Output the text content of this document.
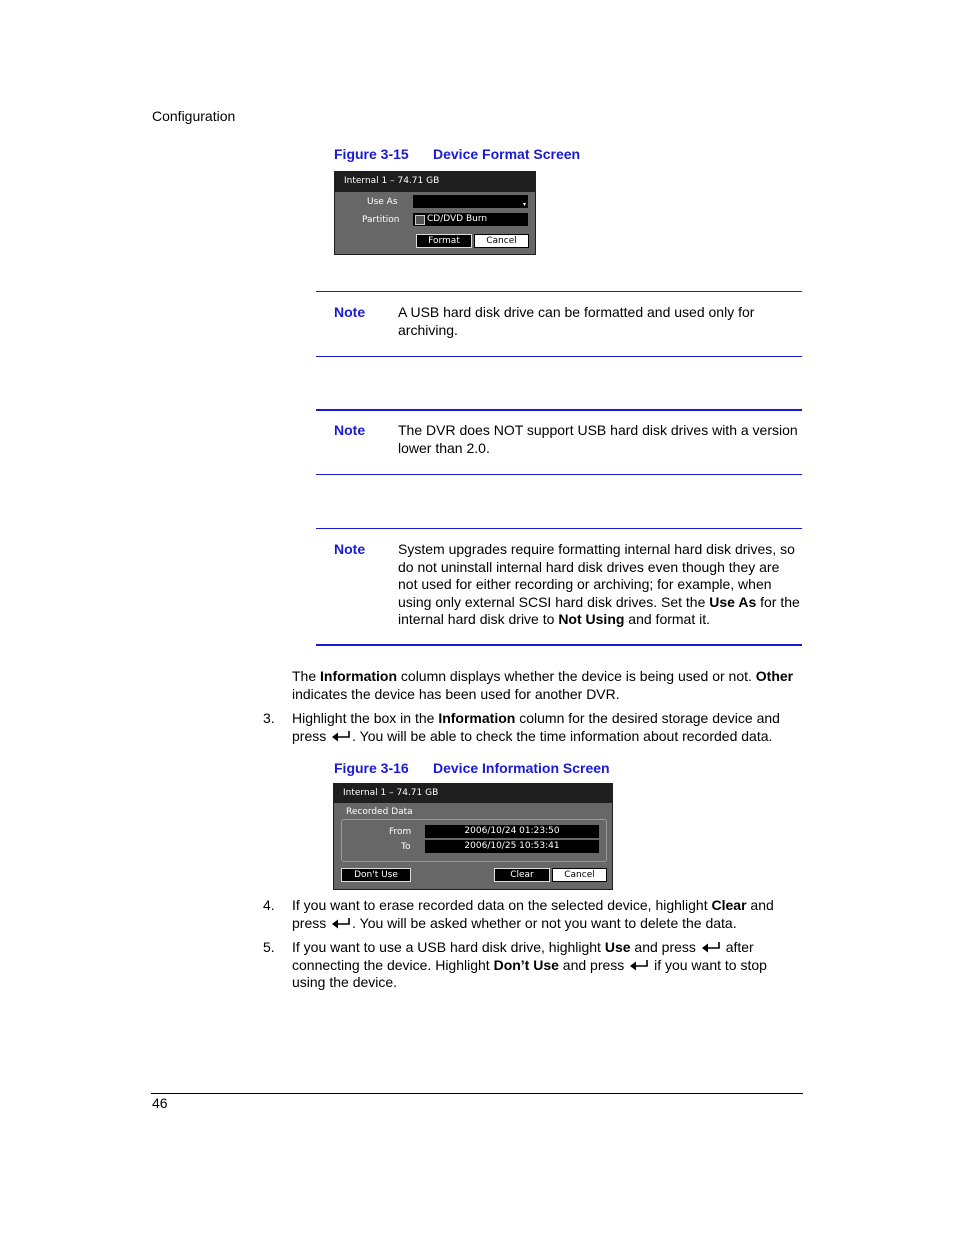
Configuration
Figure 3-15 Device Format Screen
Internal 1 – 74.71 GB
Use As	▾
Partition	CD/DVD Burn
Format	Cancel
Note A USB hard disk drive can be formatted and used only for
archiving.
Note The DVR does NOT support USB hard disk drives with a version
lower than 2.0.
Note System upgrades require formatting internal hard disk drives, so
do not uninstall internal hard disk drives even though they are
not used for either recording or archiving; for example, when
using only external SCSI hard disk drives. Set the Use As for the
internal hard disk drive to Not Using and format it.
The Information column displays whether the device is being used or not. Other
indicates the device has been used for another DVR.
3. Highlight the box in the Information column for the desired storage device and
press . You will be able to check the time information about recorded data.
Figure 3-16 Device Information Screen
Internal 1 – 74.71 GB
Recorded Data
From	2006/10/24 01:23:50
To	2006/10/25 10:53:41
Don't Use	Clear	Cancel
4. If you want to erase recorded data on the selected device, highlight Clear and
press . You will be asked whether or not you want to delete the data.
5. If you want to use a USB hard disk drive, highlight Use and press after
connecting the device. Highlight Don’t Use and press if you want to stop
using the device.
46
